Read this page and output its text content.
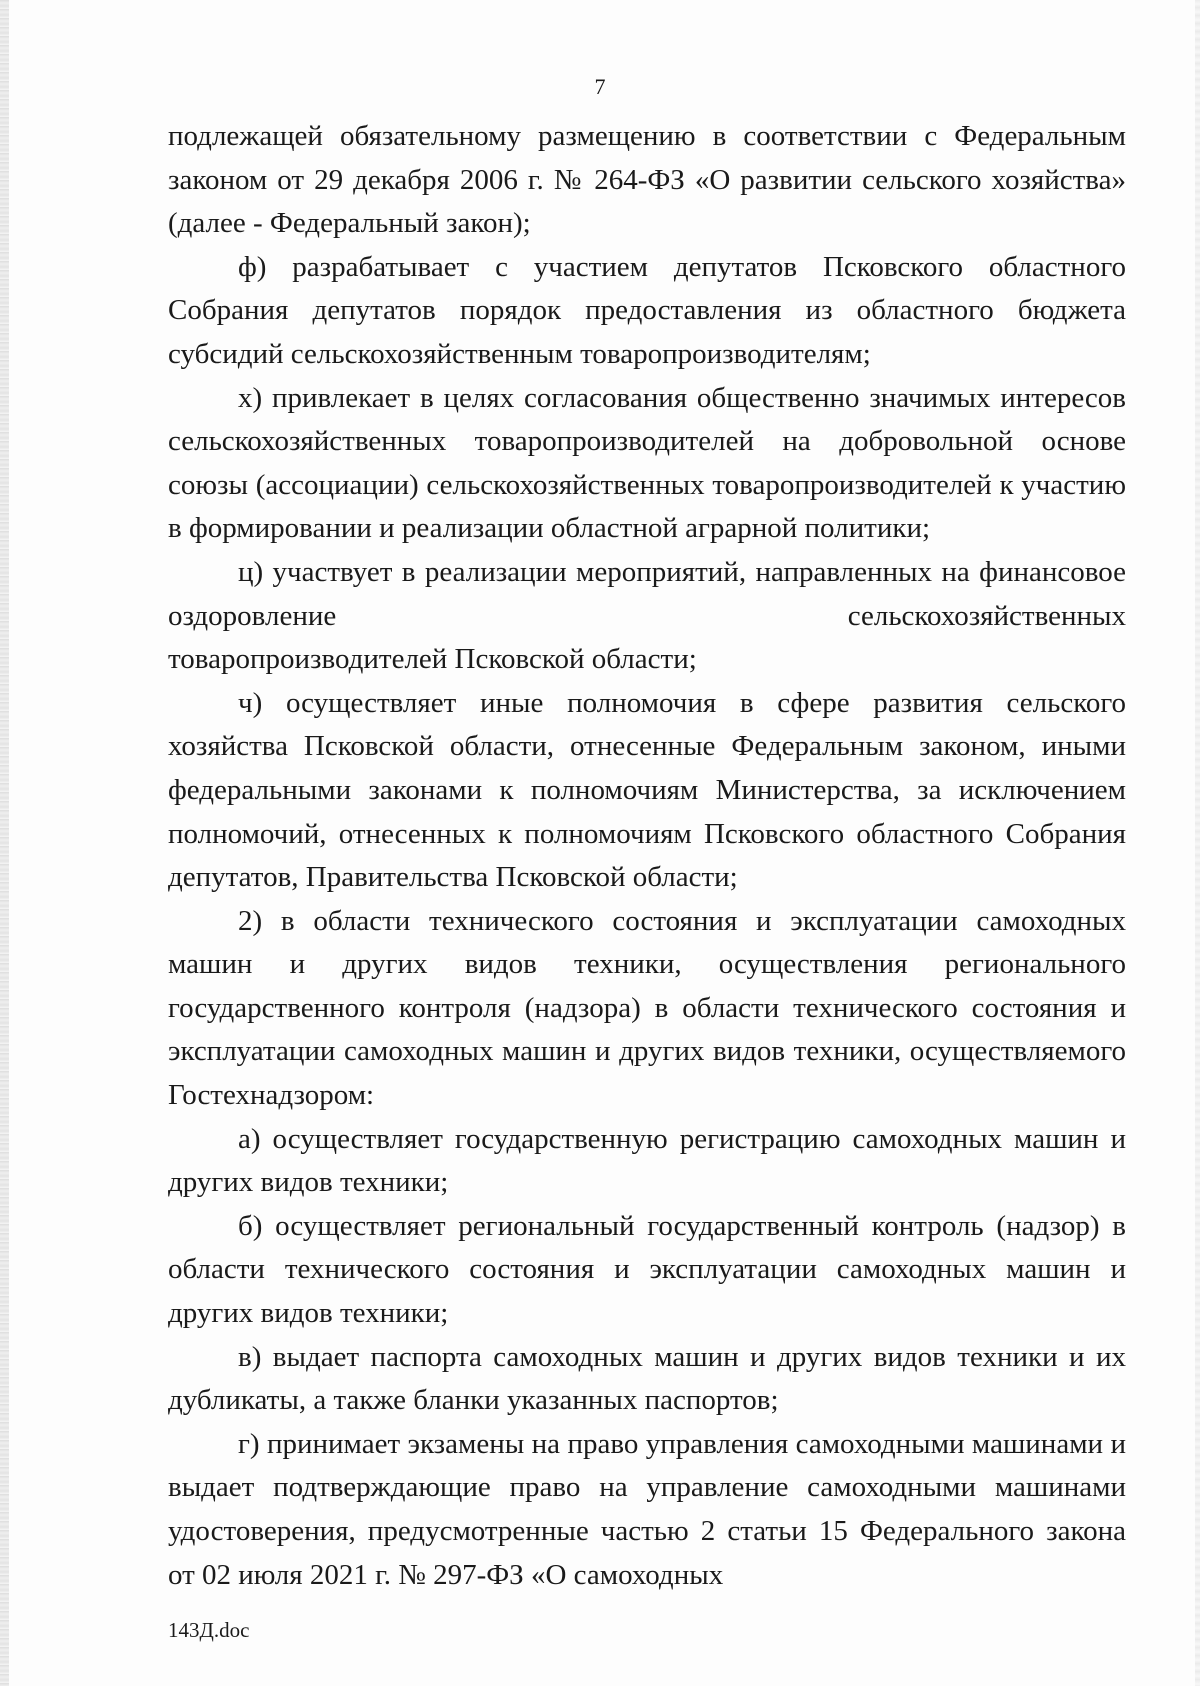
7

подлежащей обязательному размещению в соответствии с Федеральным законом от 29 декабря 2006 г. № 264-ФЗ «О развитии сельского хозяйства» (далее - Федеральный закон);

ф) разрабатывает с участием депутатов Псковского областного Собрания депутатов порядок предоставления из областного бюджета субсидий сельскохозяйственным товаропроизводителям;

х) привлекает в целях согласования общественно значимых интересов сельскохозяйственных товаропроизводителей на добровольной основе союзы (ассоциации) сельскохозяйственных товаропроизводителей к участию в формировании и реализации областной аграрной политики;

ц) участвует в реализации мероприятий, направленных на финансовое оздоровление сельскохозяйственных

товаропроизводителей Псковской области;

ч) осуществляет иные полномочия в сфере развития сельского хозяйства Псковской области, отнесенные Федеральным законом, иными федеральными законами к полномочиям Министерства, за исключением полномочий, отнесенных к полномочиям Псковского областного Собрания депутатов, Правительства Псковской области;

2) в области технического состояния и эксплуатации самоходных машин и других видов техники, осуществления регионального государственного контроля (надзора) в области технического состояния и эксплуатации самоходных машин и других видов техники, осуществляемого Гостехнадзором:

а) осуществляет государственную регистрацию самоходных машин и других видов техники;

б) осуществляет региональный государственный контроль (надзор) в области технического состояния и эксплуатации самоходных машин и других видов техники;

в) выдает паспорта самоходных машин и других видов техники и их дубликаты, а также бланки указанных паспортов;

г) принимает экзамены на право управления самоходными машинами и выдает подтверждающие право на управление самоходными машинами удостоверения, предусмотренные частью 2 статьи 15 Федерального закона от 02 июля 2021 г. № 297-ФЗ «О самоходных

143Д.doc
